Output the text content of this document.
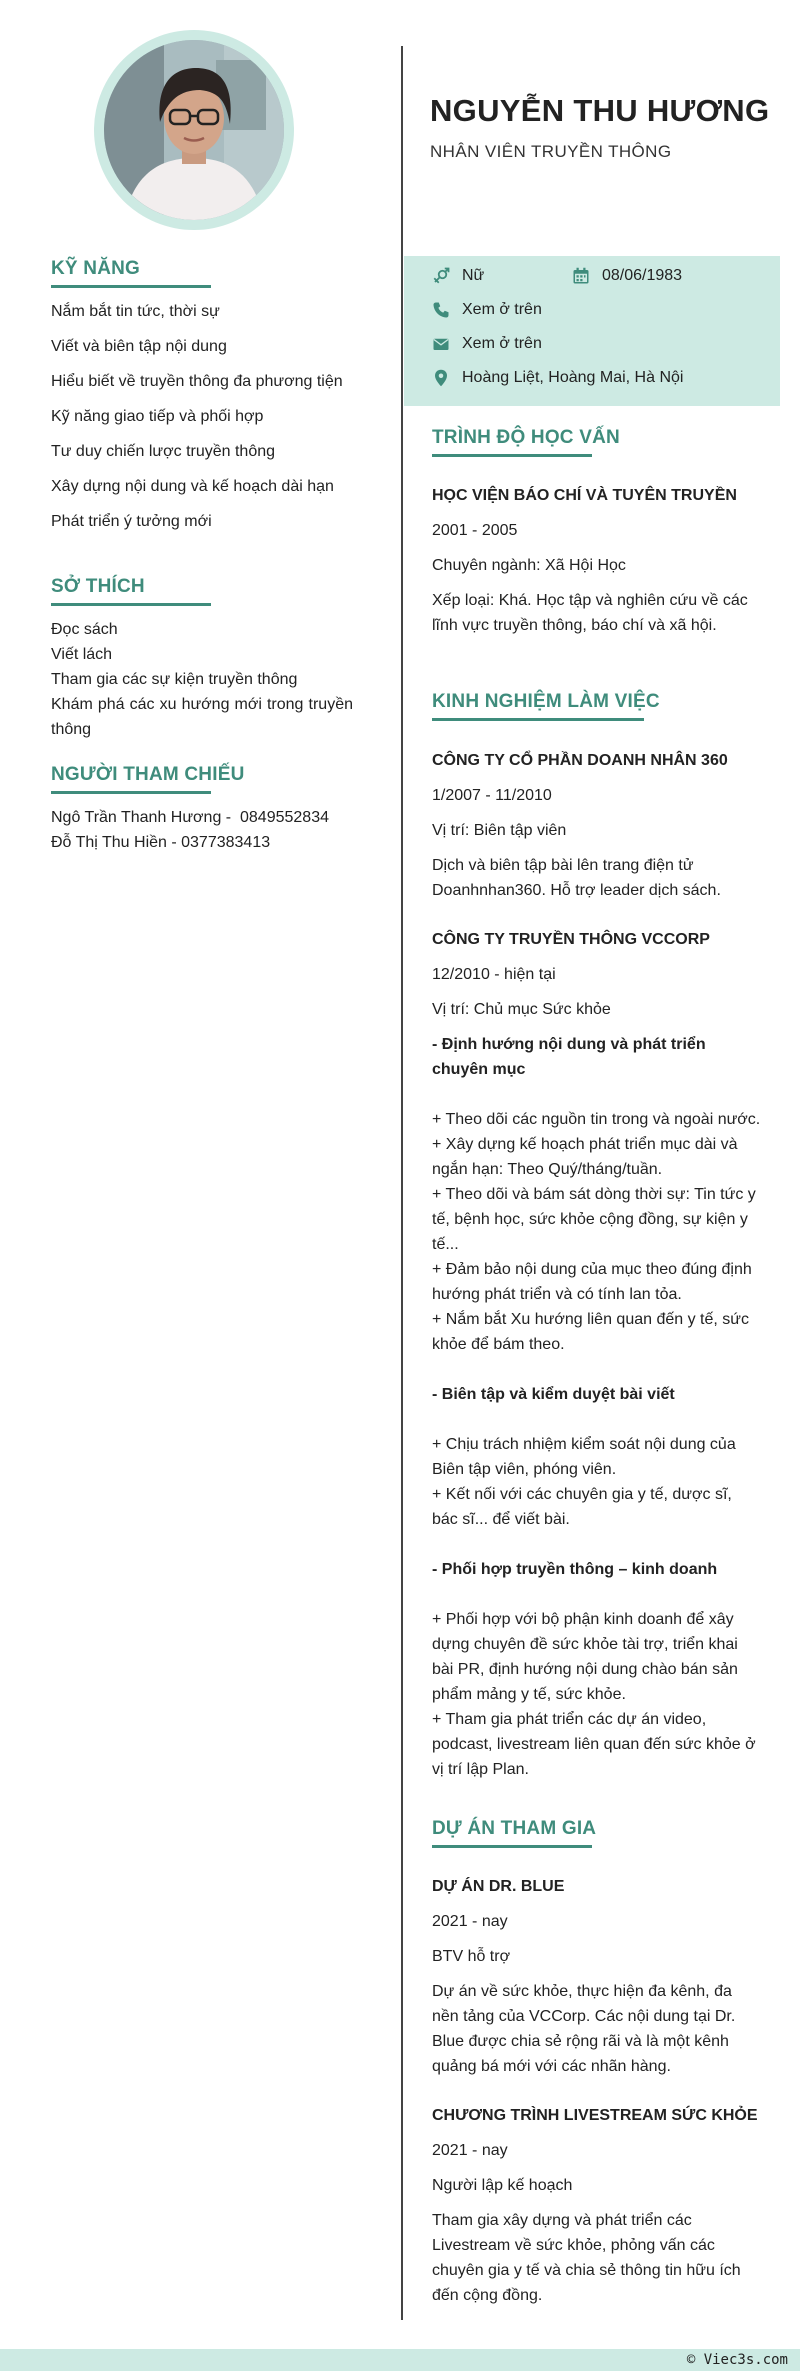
KỸ NĂNG
Nắm bắt tin tức, thời sự
Viết và biên tập nội dung
Hiểu biết về truyền thông đa phương tiện
Kỹ năng giao tiếp và phối hợp
Tư duy chiến lược truyền thông
Xây dựng nội dung và kế hoạch dài hạn
Phát triển ý tưởng mới
SỞ THÍCH
Đọc sách
Viết lách
Tham gia các sự kiện truyền thông
Khám phá các xu hướng mới trong truyền thông
NGƯỜI THAM CHIẾU
Ngô Trần Thanh Hương -  0849552834
Đỗ Thị Thu Hiền - 0377383413
NGUYỄN THU HƯƠNG
NHÂN VIÊN TRUYỀN THÔNG
Nữ	08/06/1983
Xem ở trên
Xem ở trên
Hoàng Liệt, Hoàng Mai, Hà Nội
TRÌNH ĐỘ HỌC VẤN
HỌC VIỆN BÁO CHÍ VÀ TUYÊN TRUYỀN
2001 - 2005
Chuyên ngành: Xã Hội Học
Xếp loại: Khá. Học tập và nghiên cứu về các lĩnh vực truyền thông, báo chí và xã hội.
KINH NGHIỆM LÀM VIỆC
CÔNG TY CỔ PHẦN DOANH NHÂN 360
1/2007 - 11/2010
Vị trí: Biên tập viên
Dịch và biên tập bài lên trang điện tử Doanhnhan360. Hỗ trợ leader dịch sách.
CÔNG TY TRUYỀN THÔNG VCCORP
12/2010 - hiện tại
Vị trí: Chủ mục Sức khỏe
- Định hướng nội dung và phát triển chuyên mục
+ Theo dõi các nguồn tin trong và ngoài nước.
+ Xây dựng kế hoạch phát triển mục dài và ngắn hạn: Theo Quý/tháng/tuần.
+ Theo dõi và bám sát dòng thời sự: Tin tức y tế, bệnh học, sức khỏe cộng đồng, sự kiện y tế...
+ Đảm bảo nội dung của mục theo đúng định hướng phát triển và có tính lan tỏa.
+ Nắm bắt Xu hướng liên quan đến y tế, sức khỏe để bám theo.
- Biên tập và kiểm duyệt bài viết
+ Chịu trách nhiệm kiểm soát nội dung của Biên tập viên, phóng viên.
+ Kết nối với các chuyên gia y tế, dược sĩ, bác sĩ... để viết bài.
- Phối hợp truyền thông – kinh doanh
+ Phối hợp với bộ phận kinh doanh để xây dựng chuyên đề sức khỏe tài trợ, triển khai bài PR, định hướng nội dung chào bán sản phẩm mảng y tế, sức khỏe.
+ Tham gia phát triển các dự án video, podcast, livestream liên quan đến sức khỏe ở vị trí lập Plan.
DỰ ÁN THAM GIA
DỰ ÁN DR. BLUE
2021 - nay
BTV hỗ trợ
Dự án về sức khỏe, thực hiện đa kênh, đa nền tảng của VCCorp. Các nội dung tại Dr. Blue được chia sẻ rộng rãi và là một kênh quảng bá mới với các nhãn hàng.
CHƯƠNG TRÌNH LIVESTREAM SỨC KHỎE
2021 - nay
Người lập kế hoạch
Tham gia xây dựng và phát triển các Livestream về sức khỏe, phỏng vấn các chuyên gia y tế và chia sẻ thông tin hữu ích đến cộng đồng.
© Viec3s.com
